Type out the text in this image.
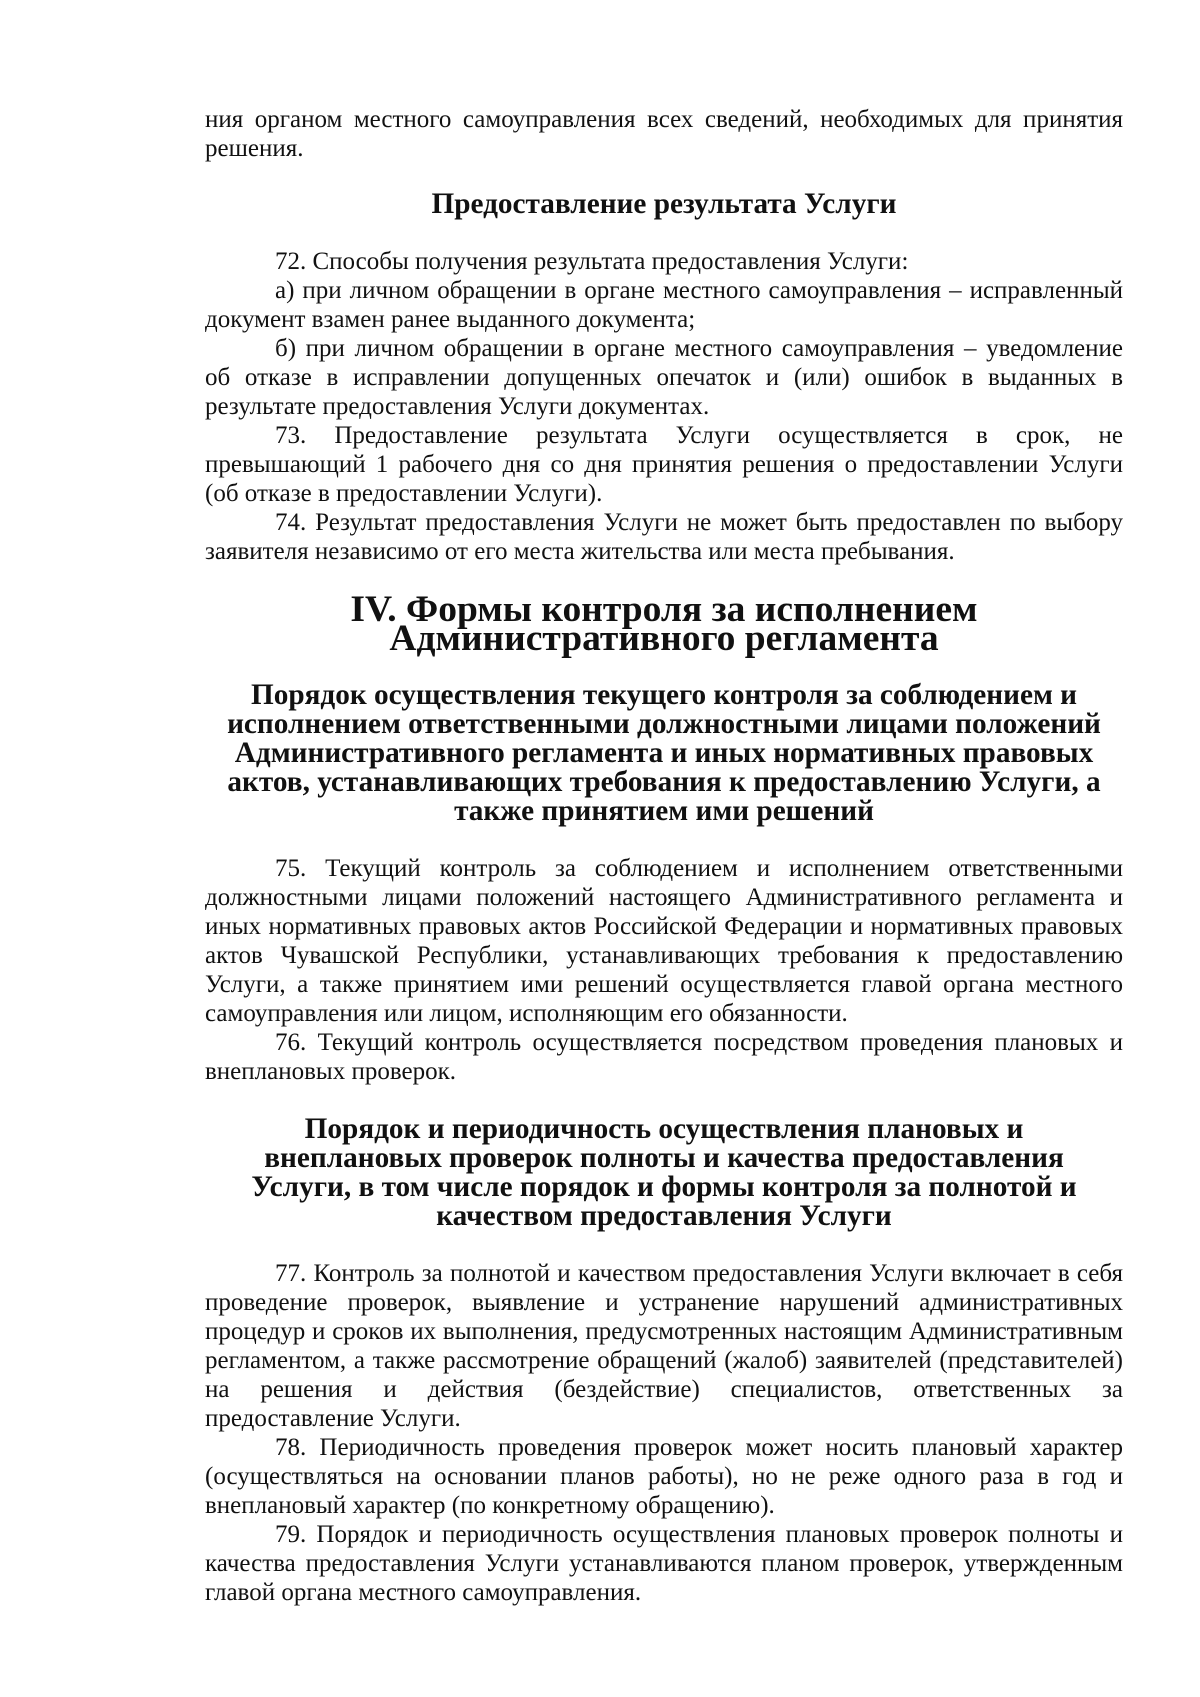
ния органом местного самоуправления всех сведений, необходимых для принятия решения.

Предоставление результата Услуги

72. Способы получения результата предоставления Услуги:

а) при личном обращении в органе местного самоуправления – исправленный документ взамен ранее выданного документа;

б) при личном обращении в органе местного самоуправления – уведомление об отказе в исправлении допущенных опечаток и (или) ошибок в выданных в результате предоставления Услуги документах.

73. Предоставление результата Услуги осуществляется в срок, не превышающий 1 рабочего дня со дня принятия решения о предоставлении Услуги (об отказе в предоставлении Услуги).

74. Результат предоставления Услуги не может быть предоставлен по выбору заявителя независимо от его места жительства или места пребывания.

IV. Формы контроля за исполнением Административного регламента
Порядок осуществления текущего контроля за соблюдением и исполнением ответственными должностными лицами положений Административного регламента и иных нормативных правовых актов, устанавливающих требования к предоставлению Услуги, а также принятием ими решений

75. Текущий контроль за соблюдением и исполнением ответственными должностными лицами положений настоящего Административного регламента и иных нормативных правовых актов Российской Федерации и нормативных правовых актов Чувашской Республики, устанавливающих требования к предоставлению Услуги, а также принятием ими решений осуществляется главой органа местного самоуправления или лицом, исполняющим его обязанности.

76. Текущий контроль осуществляется посредством проведения плановых и внеплановых проверок.

Порядок и периодичность осуществления плановых и внеплановых проверок полноты и качества предоставления Услуги, в том числе порядок и формы контроля за полнотой и качеством предоставления Услуги

77. Контроль за полнотой и качеством предоставления Услуги включает в себя проведение проверок, выявление и устранение нарушений административных процедур и сроков их выполнения, предусмотренных настоящим Административным регламентом, а также рассмотрение обращений (жалоб) заявителей (представителей) на решения и действия (бездействие) специалистов, ответственных за предоставление Услуги.

78. Периодичность проведения проверок может носить плановый характер (осуществляться на основании планов работы), но не реже одного раза в год и внеплановый характер (по конкретному обращению).

79. Порядок и периодичность осуществления плановых проверок полноты и качества предоставления Услуги устанавливаются планом проверок, утвержденным главой органа местного самоуправления.
